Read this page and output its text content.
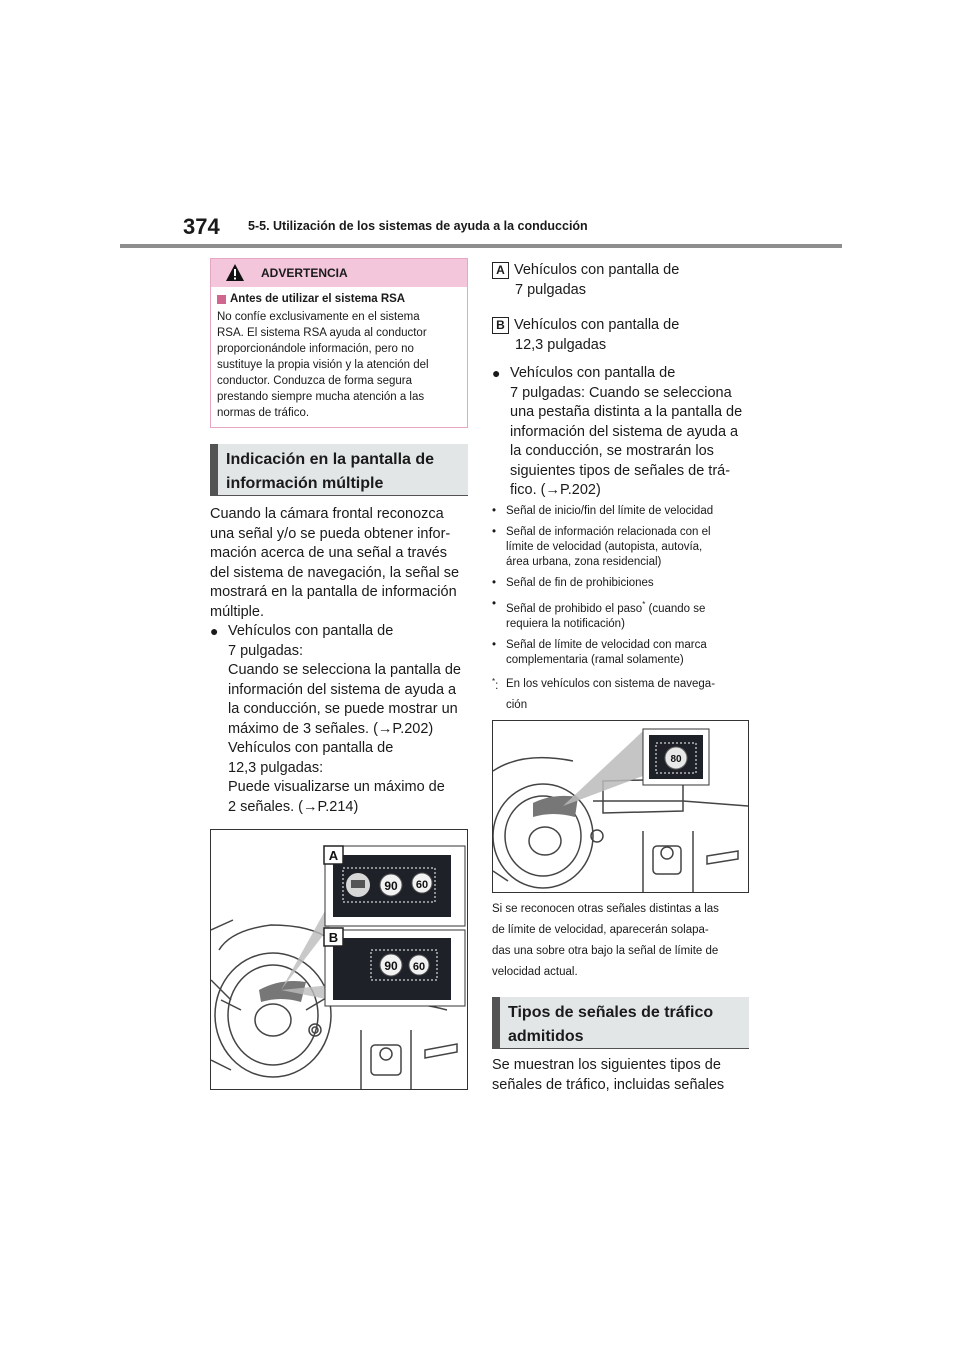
374 5-5. Utilización de los sistemas de ayuda a la conducción
ADVERTENCIA
Antes de utilizar el sistema RSA
No confíe exclusivamente en el sistema
RSA. El sistema RSA ayuda al conductor
proporcionándole información, pero no
sustituye la propia visión y la atención del
conductor. Conduzca de forma segura
prestando siempre mucha atención a las
normas de tráfico.
Indicación en la pantalla de
información múltiple
Cuando la cámara frontal reconozca
una señal y/o se pueda obtener infor-
mación acerca de una señal a través
del sistema de navegación, la señal se
mostrará en la pantalla de información
múltiple.
● Vehículos con pantalla de
7 pulgadas:
Cuando se selecciona la pantalla de
información del sistema de ayuda a
la conducción, se puede mostrar un
máximo de 3 señales. (→P.202)
Vehículos con pantalla de
12,3 pulgadas:
Puede visualizarse un máximo de
2 señales. (→P.214)
90 60
90 60
A
B
A Vehículos con pantalla de
7 pulgadas
B Vehículos con pantalla de
12,3 pulgadas
● Vehículos con pantalla de
7 pulgadas: Cuando se selecciona
una pestaña distinta a la pantalla de
información del sistema de ayuda a
la conducción, se mostrarán los
siguientes tipos de señales de trá-
fico. (→P.202)
• Señal de inicio/fin del límite de velocidad
• Señal de información relacionada con el
límite de velocidad (autopista, autovía,
área urbana, zona residencial)
• Señal de fin de prohibiciones
• Señal de prohibido el paso* (cuando se
requiera la notificación)
• Señal de límite de velocidad con marca
complementaria (ramal solamente)
*: En los vehículos con sistema de navega-
ción
80
Si se reconocen otras señales distintas a las
de límite de velocidad, aparecerán solapa-
das una sobre otra bajo la señal de límite de
velocidad actual.
Tipos de señales de tráfico
admitidos
Se muestran los siguientes tipos de
señales de tráfico, incluidas señales
